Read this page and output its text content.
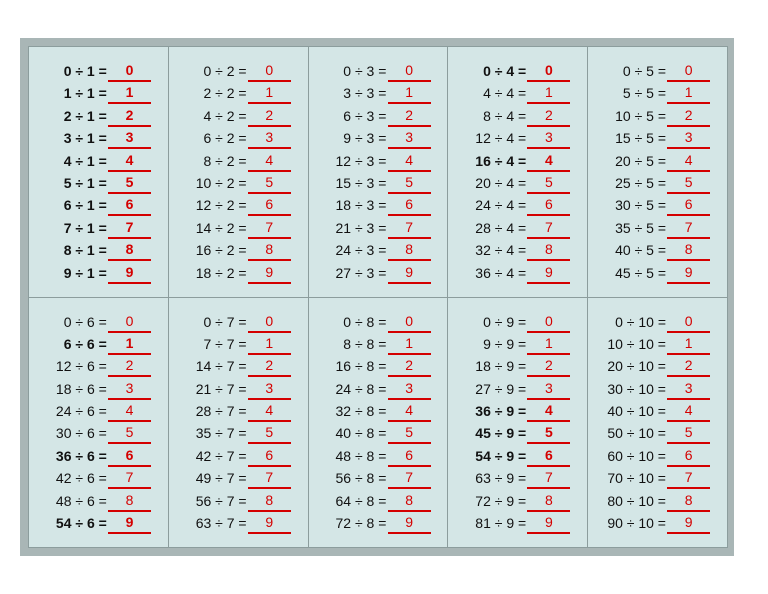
0 ÷ 1 =	0
1 ÷ 1 =	1
2 ÷ 1 =	2
3 ÷ 1 =	3
4 ÷ 1 =	4
5 ÷ 1 =	5
6 ÷ 1 =	6
7 ÷ 1 =	7
8 ÷ 1 =	8
9 ÷ 1 =	9
0 ÷ 2 =	0
2 ÷ 2 =	1
4 ÷ 2 =	2
6 ÷ 2 =	3
8 ÷ 2 =	4
10 ÷ 2 =	5
12 ÷ 2 =	6
14 ÷ 2 =	7
16 ÷ 2 =	8
18 ÷ 2 =	9
0 ÷ 3 =	0
3 ÷ 3 =	1
6 ÷ 3 =	2
9 ÷ 3 =	3
12 ÷ 3 =	4
15 ÷ 3 =	5
18 ÷ 3 =	6
21 ÷ 3 =	7
24 ÷ 3 =	8
27 ÷ 3 =	9
0 ÷ 4 =	0
4 ÷ 4 =	1
8 ÷ 4 =	2
12 ÷ 4 =	3
16 ÷ 4 =	4
20 ÷ 4 =	5
24 ÷ 4 =	6
28 ÷ 4 =	7
32 ÷ 4 =	8
36 ÷ 4 =	9
0 ÷ 5 =	0
5 ÷ 5 =	1
10 ÷ 5 =	2
15 ÷ 5 =	3
20 ÷ 5 =	4
25 ÷ 5 =	5
30 ÷ 5 =	6
35 ÷ 5 =	7
40 ÷ 5 =	8
45 ÷ 5 =	9
0 ÷ 6 =	0
6 ÷ 6 =	1
12 ÷ 6 =	2
18 ÷ 6 =	3
24 ÷ 6 =	4
30 ÷ 6 =	5
36 ÷ 6 =	6
42 ÷ 6 =	7
48 ÷ 6 =	8
54 ÷ 6 =	9
0 ÷ 7 =	0
7 ÷ 7 =	1
14 ÷ 7 =	2
21 ÷ 7 =	3
28 ÷ 7 =	4
35 ÷ 7 =	5
42 ÷ 7 =	6
49 ÷ 7 =	7
56 ÷ 7 =	8
63 ÷ 7 =	9
0 ÷ 8 =	0
8 ÷ 8 =	1
16 ÷ 8 =	2
24 ÷ 8 =	3
32 ÷ 8 =	4
40 ÷ 8 =	5
48 ÷ 8 =	6
56 ÷ 8 =	7
64 ÷ 8 =	8
72 ÷ 8 =	9
0 ÷ 9 =	0
9 ÷ 9 =	1
18 ÷ 9 =	2
27 ÷ 9 =	3
36 ÷ 9 =	4
45 ÷ 9 =	5
54 ÷ 9 =	6
63 ÷ 9 =	7
72 ÷ 9 =	8
81 ÷ 9 =	9
0 ÷ 10 =	0
10 ÷ 10 =	1
20 ÷ 10 =	2
30 ÷ 10 =	3
40 ÷ 10 =	4
50 ÷ 10 =	5
60 ÷ 10 =	6
70 ÷ 10 =	7
80 ÷ 10 =	8
90 ÷ 10 =	9
